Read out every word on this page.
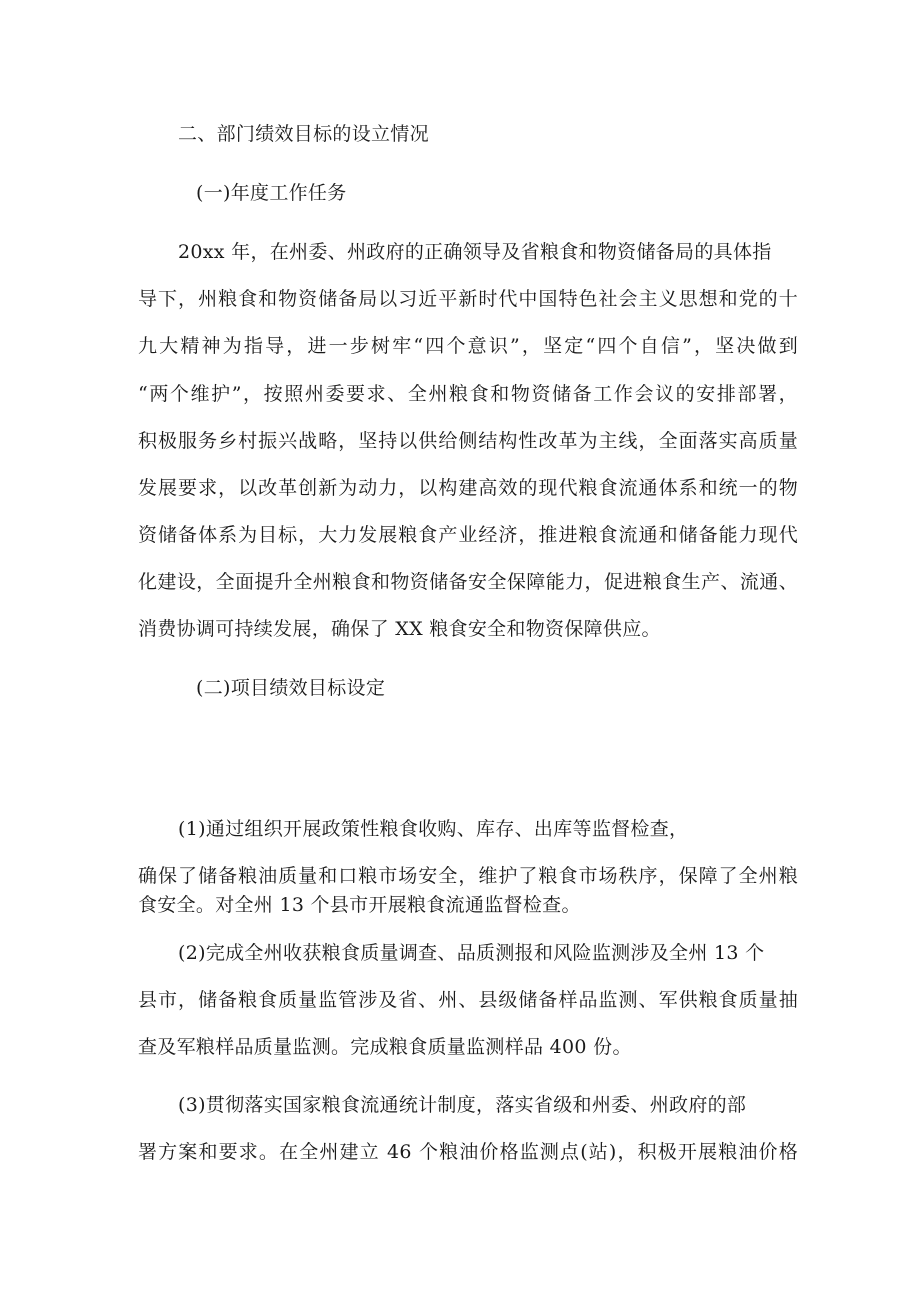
二、部门绩效目标的设立情况

(一)年度工作任务

20xx 年，在州委、州政府的正确领导及省粮食和物资储备局的具体指

导下，州粮食和物资储备局以习近平新时代中国特色社会主义思想和党的十

九大精神为指导，进一步树牢“四个意识”，坚定“四个自信”，坚决做到

“两个维护”，按照州委要求、全州粮食和物资储备工作会议的安排部署，

积极服务乡村振兴战略，坚持以供给侧结构性改革为主线，全面落实高质量

发展要求，以改革创新为动力，以构建高效的现代粮食流通体系和统一的物

资储备体系为目标，大力发展粮食产业经济，推进粮食流通和储备能力现代

化建设，全面提升全州粮食和物资储备安全保障能力，促进粮食生产、流通、

消费协调可持续发展，确保了 XX 粮食安全和物资保障供应。

(二)项目绩效目标设定

(1)通过组织开展政策性粮食收购、库存、出库等监督检查，

确保了储备粮油质量和口粮市场安全，维护了粮食市场秩序，保障了全州粮

食安全。对全州 13 个县市开展粮食流通监督检查。

(2)完成全州收获粮食质量调查、品质测报和风险监测涉及全州 13 个

县市，储备粮食质量监管涉及省、州、县级储备样品监测、军供粮食质量抽

查及军粮样品质量监测。完成粮食质量监测样品 400 份。

(3)贯彻落实国家粮食流通统计制度，落实省级和州委、州政府的部

署方案和要求。在全州建立 46 个粮油价格监测点(站)，积极开展粮油价格
